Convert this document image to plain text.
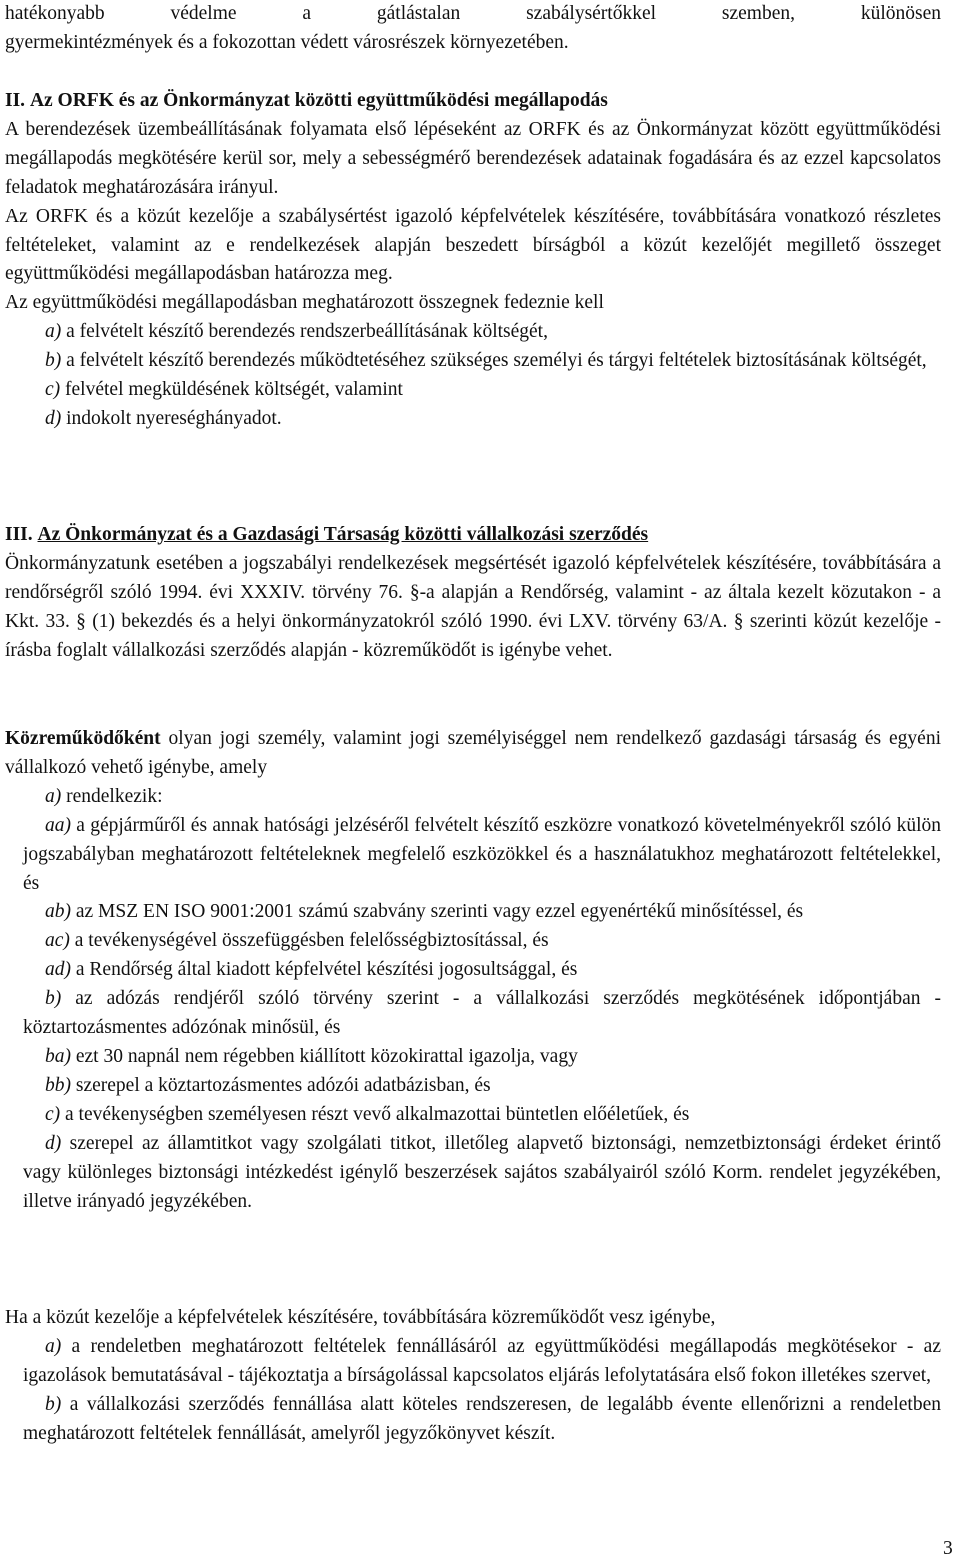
hatékonyabb védelme a gátlástalan szabálysértőkkel szemben, különösen

gyermekintézmények és a fokozottan védett városrészek környezetében.

II. Az ORFK és az Önkormányzat közötti együttműködési megállapodás

A berendezések üzembeállításának folyamata első lépéseként az ORFK és az Önkormányzat között együttműködési megállapodás megkötésére kerül sor, mely a sebességmérő berendezések adatainak fogadására és az ezzel kapcsolatos feladatok meghatározására irányul.

Az ORFK és a közút kezelője a szabálysértést igazoló képfelvételek készítésére, továbbítására vonatkozó részletes feltételeket, valamint az e rendelkezések alapján beszedett bírságból a közút kezelőjét megillető összeget együttműködési megállapodásban határozza meg.

Az együttműködési megállapodásban meghatározott összegnek fedeznie kell

a) a felvételt készítő berendezés rendszerbeállításának költségét,

b) a felvételt készítő berendezés működtetéséhez szükséges személyi és tárgyi feltételek biztosításának költségét,

c) felvétel megküldésének költségét, valamint

d) indokolt nyereséghányadot.

III. Az Önkormányzat és a Gazdasági Társaság közötti vállalkozási szerződés

Önkormányzatunk esetében a jogszabályi rendelkezések megsértését igazoló képfelvételek készítésére, továbbítására a rendőrségről szóló 1994. évi XXXIV. törvény 76. §-a alapján a Rendőrség, valamint - az általa kezelt közutakon - a Kkt. 33. § (1) bekezdés és a helyi önkormányzatokról szóló 1990. évi LXV. törvény 63/A. § szerinti közút kezelője - írásba foglalt vállalkozási szerződés alapján - közreműködőt is igénybe vehet.

Közreműködőként olyan jogi személy, valamint jogi személyiséggel nem rendelkező gazdasági társaság és egyéni vállalkozó vehető igénybe, amely

a) rendelkezik:

aa) a gépjárműről és annak hatósági jelzéséről felvételt készítő eszközre vonatkozó követelményekről szóló külön jogszabályban meghatározott feltételeknek megfelelő eszközökkel és a használatukhoz meghatározott feltételekkel, és

ab) az MSZ EN ISO 9001:2001 számú szabvány szerinti vagy ezzel egyenértékű minősítéssel, és

ac) a tevékenységével összefüggésben felelősségbiztosítással, és

ad) a Rendőrség által kiadott képfelvétel készítési jogosultsággal, és

b) az adózás rendjéről szóló törvény szerint - a vállalkozási szerződés megkötésének időpontjában - köztartozásmentes adózónak minősül, és

ba) ezt 30 napnál nem régebben kiállított közokirattal igazolja, vagy

bb) szerepel a köztartozásmentes adózói adatbázisban, és

c) a tevékenységben személyesen részt vevő alkalmazottai büntetlen előéletűek, és

d) szerepel az államtitkot vagy szolgálati titkot, illetőleg alapvető biztonsági, nemzetbiztonsági érdeket érintő vagy különleges biztonsági intézkedést igénylő beszerzések sajátos szabályairól szóló Korm. rendelet jegyzékében, illetve irányadó jegyzékében.

Ha a közút kezelője a képfelvételek készítésére, továbbítására közreműködőt vesz igénybe,

a) a rendeletben meghatározott feltételek fennállásáról az együttműködési megállapodás megkötésekor - az igazolások bemutatásával - tájékoztatja a bírságolással kapcsolatos eljárás lefolytatására első fokon illetékes szervet,

b) a vállalkozási szerződés fennállása alatt köteles rendszeresen, de legalább évente ellenőrizni a rendeletben meghatározott feltételek fennállását, amelyről jegyzőkönyvet készít.

3
